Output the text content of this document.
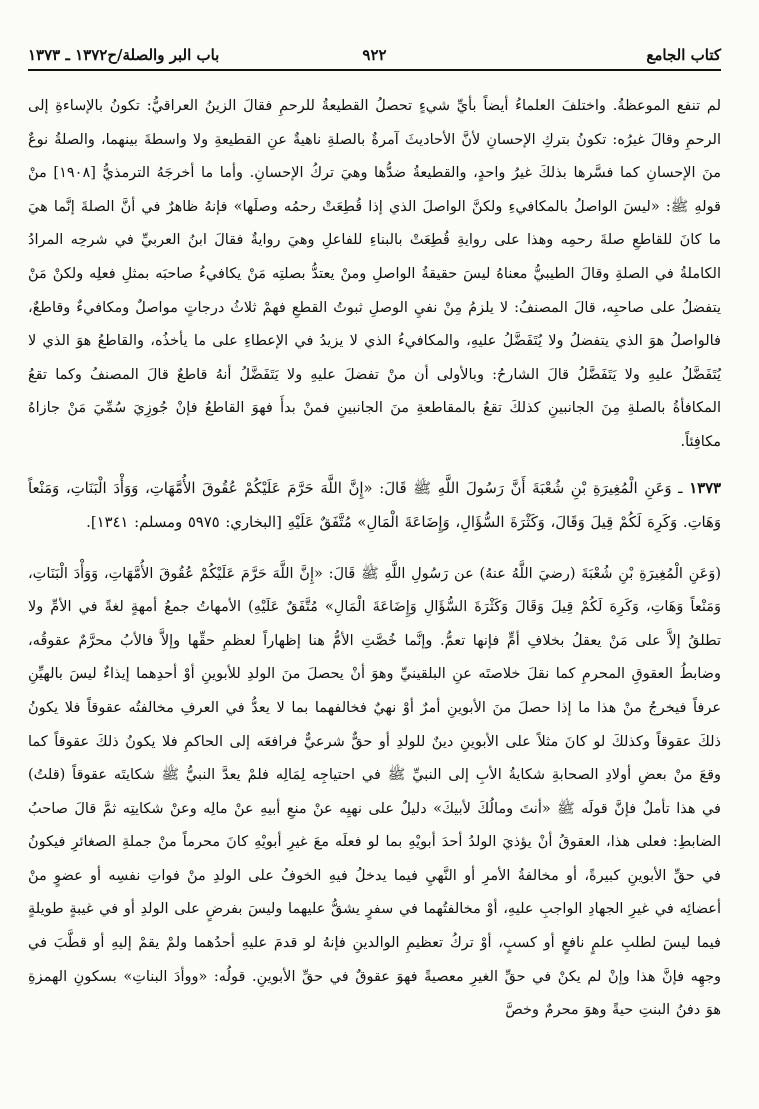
كتاب الجامع
٩٢٢
باب البر والصلة/ح١٣٧٢ ـ ١٣٧٣

لم تنفع الموعظةُ. واختلفَ العلماءُ أيضاً بأيِّ شيءٍ تحصلُ القطيعةُ للرحمِ فقالَ الزينُ العراقيُّ: تكونُ بالإساءةِ إلى الرحمِ وقالَ غيرُه: تكونُ بتركِ الإحسانِ لأنَّ الأحاديثَ آمرةٌ بالصلةِ ناهيةٌ عنِ القطيعةِ ولا واسطةَ بينهما، والصلةُ نوعٌ منَ الإحسانِ كما فسَّرها بذلكَ غيرُ واحدٍ، والقطيعةُ ضدُّها وهيَ تركُ الإحسانِ. وأما ما أخرجَهُ الترمذيُّ [١٩٠٨] منْ قولهِ ﷺ: «ليسَ الواصلُ بالمكافيءِ ولكنَّ الواصلَ الذي إذا قُطِعَتْ رحمُه وصلَها» فإنهُ ظاهرٌ في أنَّ الصلةَ إنَّما هيَ ما كانَ للقاطعِ صلةَ رحمِه وهذا على روايةِ قُطِعَتْ بالبناءِ للفاعلِ وهيَ روايةٌ فقالَ ابنُ العربيِّ في شرحِه المرادُ الكاملةُ في الصلةِ وقالَ الطيبيُّ معناهُ ليسَ حقيقةُ الواصلِ ومنْ يعتدُّ بصلتِه مَنْ يكافيءُ صاحبَه بمثلِ فعلِه ولكنْ مَنْ يتفضلُ على صاحبِه، قالَ المصنفُ: لا يلزمُ مِنْ نفيِ الوصلِ ثبوتُ القطعِ فهمْ ثلاثُ درجاتٍ مواصلٌ ومكافيءٌ وقاطعٌ، فالواصلُ هوَ الذي يتفضلُ ولا يُتَفَضَّلُ عليهِ، والمكافيءُ الذي لا يزيدُ في الإعطاءِ على ما يأخذُه، والقاطعُ هوَ الذي لا يُتَفَضَّلُ عليهِ ولا يَتَفَضَّلُ قالَ الشارحُ: وبالأولى أن منْ تفضلَ عليهِ ولا يَتَفَضَّلُ أنهُ قاطعٌ قالَ المصنفُ وكما تقعُ المكافأةُ بالصلةِ مِنَ الجانبينِ كذلكَ تقعُ بالمقاطعةِ منَ الجانبينِ فمنْ بدأَ فهوَ القاطعُ فإنْ جُوزِيَ سُمِّيَ مَنْ جازاهُ مكافِئاً.

١٣٧٣ ـ وَعَنِ الْمُغِيرَةِ بْنِ شُعْبَةَ أَنَّ رَسُولَ اللَّهِ ﷺ قَالَ: «إِنَّ اللَّهَ حَرَّمَ عَلَيْكُمْ عُقُوقَ الأُمَّهَاتِ، وَوَأْدَ الْبَنَاتِ، وَمَنْعاً وَهَاتِ. وَكَرِهَ لَكُمْ قِيلَ وَقَالَ، وَكَثْرَةَ السُّؤَالِ، وَإِضَاعَةَ الْمَالِ» مُتَّفَقٌ عَلَيْهِ [البخاري: ٥٩٧٥ ومسلم: ١٣٤١].

(وَعَنِ الْمُغِيرَةِ بْنِ شُعْبَةَ (رضيَ اللَّهُ عنهُ) عن رَسُولِ اللَّهِ ﷺ قَالَ: «إِنَّ اللَّهَ حَرَّمَ عَلَيْكُمْ عُقُوقَ الأُمَّهَاتِ، وَوَأْدَ الْبَنَاتِ، وَمَنْعاً وَهَاتِ، وَكَرِهَ لَكُمْ قِيلَ وَقَالَ وَكَثْرَةَ السُّؤَالِ وَإِضَاعَةَ الْمَالِ» مُتَّفَقٌ عَلَيْهِ) الأمهاتُ جمعُ أمهةٍ لغةً في الأمِّ ولا تطلقُ إلاَّ على مَنْ يعقلُ بخلافِ أمٍّ فإنها تعمُّ. وإنَّما خُصَّتِ الأمُّ هنا إظهاراً لعظمِ حقِّها وإلاَّ فالأبُ محرَّمٌ عقوقُه، وضابطُ العقوقِ المحرمِ كما نقلَ خلاصتَه عنِ البلقينيِّ وهوَ أنْ يحصلَ منَ الولدِ للأبوينِ أوْ أحدِهما إيذاءٌ ليسَ بالهيِّنِ عرفاً فيخرجُ منْ هذا ما إذا حصلَ منَ الأبوينِ أمرٌ أوْ نهيٌ فخالفهما بما لا يعدُّ في العرفِ مخالفتُه عقوقاً فلا يكونُ ذلكَ عقوقاً وكذلكَ لو كانَ مثلاً على الأبوينِ دينٌ للولدِ أو حقٌّ شرعيٌّ فرافعَه إلى الحاكمِ فلا يكونُ ذلكَ عقوقاً كما وقعَ منْ بعضِ أولادِ الصحابةِ شكايةُ الأبِ إلى النبيِّ ﷺ في احتياجِه لِمَالِه فلمْ يعدَّ النبيُّ ﷺ شكايتَه عقوقاً (قلتُ) في هذا تأملٌ فإنَّ قولَه ﷺ «أنتَ ومالُكَ لأبيكَ» دليلٌ على نهيِه عنْ منعِ أبيهِ عنْ مالِه وعنْ شكايتِه ثمَّ قالَ صاحبُ الضابطِ: فعلى هذا، العقوقُ أنْ يؤذيَ الولدُ أحدَ أبويْهِ بما لو فعلَه معَ غيرِ أبويْهِ كانَ محرماً منْ جملةِ الصغائرِ فيكونُ في حقِّ الأبوينِ كبيرةً، أو مخالفةُ الأمرِ أو النَّهيِ فيما يدخلُ فيهِ الخوفُ على الولدِ منْ فواتِ نفسِه أو عضوٍ منْ أعضائِه في غيرِ الجهادِ الواجبِ عليهِ، أوْ مخالفتُهما في سفرٍ يشقُّ عليهما وليسَ بفرضٍ على الولدِ أو في غيبةٍ طويلةٍ فيما ليسَ لطلبِ علمٍ نافعٍ أو كسبٍ، أوْ تركُ تعظيمِ الوالدينِ فإنهُ لو قدمَ عليهِ أحدُهما ولمْ يقمْ إليهِ أو قطَّبَ في وجهِه فإنَّ هذا وإنْ لم يكنْ في حقِّ الغيرِ معصيةً فهوَ عقوقٌ في حقِّ الأبوينِ. قولُه: «ووأدَ البناتِ» بسكونِ الهمزةِ هوَ دفنُ البنتِ حيةً وهوَ محرمٌ وخصَّ
